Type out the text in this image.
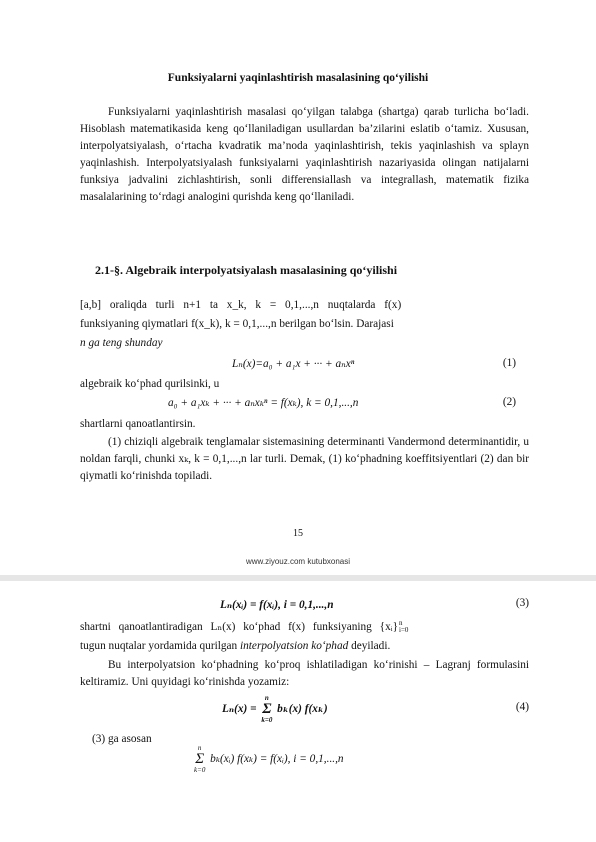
Funksiyalarni yaqinlashtirish masalasining qo‘yilishi

Funksiyalarni yaqinlashtirish masalasi qo‘yilgan talabga (shartga) qarab turlicha bo‘ladi. Hisoblash matematikasida keng qo‘llaniladigan usullardan ba’zilarini eslatib o‘tamiz. Xususan, interpolyatsiyalash, o‘rtacha kvadratik ma’noda yaqinlashtirish, tekis yaqinlashish va splayn yaqinlashish. Interpolyatsiyalash funksiyalarni yaqinlashtirish nazariyasida olingan natijalarni funksiya jadvalini zichlashtirish, sonli differensiallash va integrallash, matematik fizika masalalarining to‘rdagi analogini qurishda keng qo‘llaniladi.

2.1-§. Algebraik interpolyatsiyalash masalasining qo‘yilishi
[a,b] oraliqda turli n+1 ta x_k, k = 0,1,...,n nuqtalarda f(x)
funksiyaning qiymatlari f(x_k), k = 0,1,...,n berilgan bo‘lsin. Darajasi
n ga teng shunday
Lₙ(x)=a₀ + a₁x + ··· + aₙxⁿ	(1)
algebraik ko‘phad qurilsinki, u
a₀ + a₁xₖ + ··· + aₙxₖⁿ = f(xₖ), k = 0,1,...,n	(2)
shartlarni qanoatlantirsin.

(1) chiziqli algebraik tenglamalar sistemasining determinanti Vandermond determinantidir, u noldan farqli, chunki xₖ, k = 0,1,...,n lar turli. Demak, (1) ko‘phadning koeffitsiyentlari (2) dan bir qiymatli ko‘rinishda topiladi.

15
www.ziyouz.com kutubxonasi
Lₙ(xᵢ) = f(xᵢ), i = 0,1,...,n	(3)
shartni qanoatlantiradigan Lₙ(x) ko‘phad f(x) funksiyaning {xᵢ} n
i=0
tugun nuqtalar yordamida qurilgan interpolyatsion ko‘phad deyiladi.

Bu interpolyatsion ko‘phadning ko‘proq ishlatiladigan ko‘rinishi – Lagranj formulasini keltiramiz. Uni quyidagi ko‘rinishda yozamiz:

Lₙ(x) =
n
Σ
k=0
bₖ(x) f(xₖ)	(4)
(3) ga asosan
n
Σ
k=0
bₖ(xᵢ) f(xₖ) = f(xᵢ), i = 0,1,...,n
